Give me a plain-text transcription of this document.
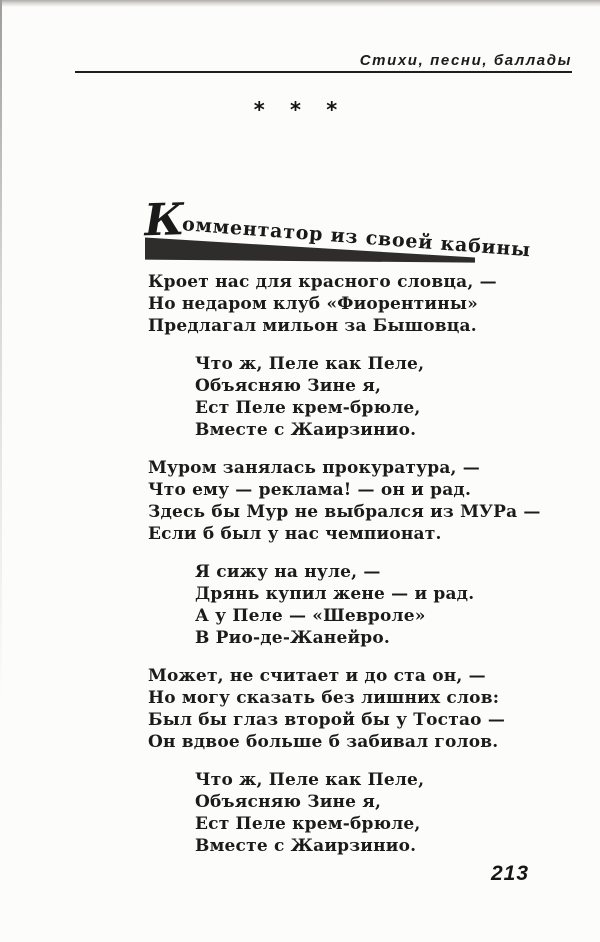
Стихи, песни, баллады
* * *
Комментатор из своей кабины
Кроет нас для красного словца, —
Но недаром клуб «Фиорентины»
Предлагал мильон за Бышовца.
Что ж, Пеле как Пеле,
Объясняю Зине я,
Ест Пеле крем-брюле,
Вместе с Жаирзинио.
Муром занялась прокуратура, —
Что ему — реклама! — он и рад.
Здесь бы Мур не выбрался из МУРа —
Если б был у нас чемпионат.
Я сижу на нуле, —
Дрянь купил жене — и рад.
А у Пеле — «Шевроле»
В Рио-де-Жанейро.
Может, не считает и до ста он, —
Но могу сказать без лишних слов:
Был бы глаз второй бы у Тостао —
Он вдвое больше б забивал голов.
Что ж, Пеле как Пеле,
Объясняю Зине я,
Ест Пеле крем-брюле,
Вместе с Жаирзинио.
213
